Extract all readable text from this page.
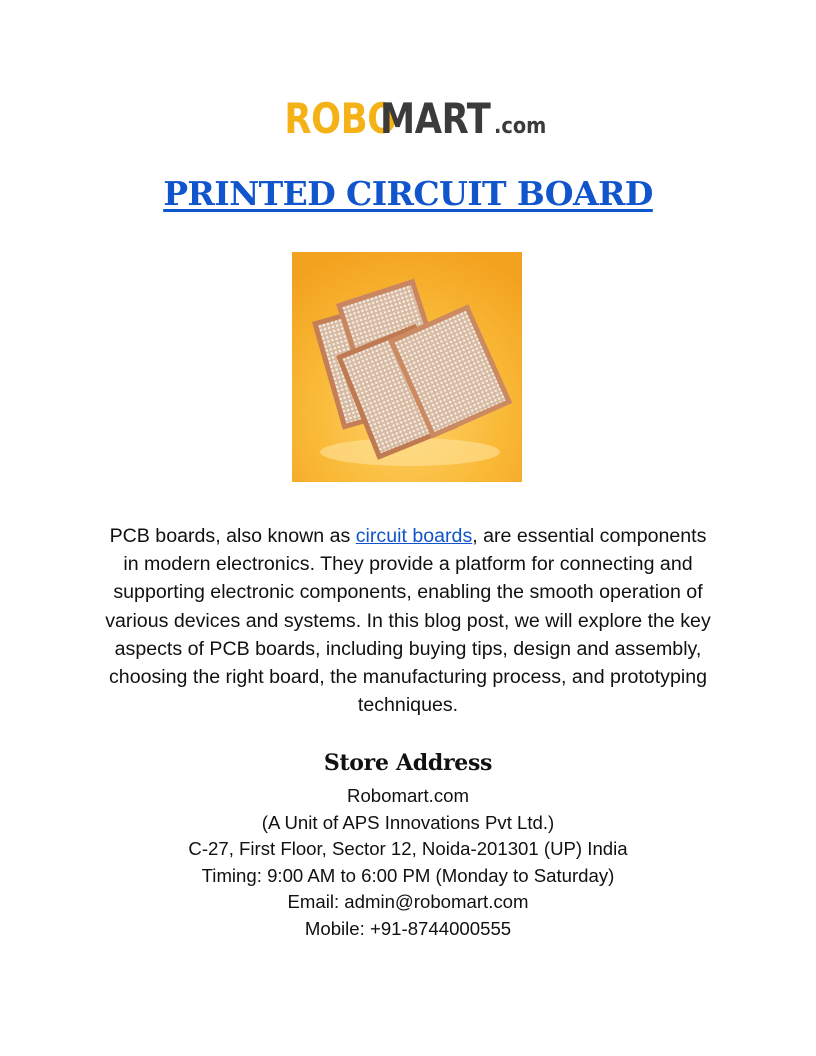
ROBOMART .com
PRINTED CIRCUIT BOARD

PCB boards, also known as circuit boards, are essential components in modern electronics. They provide a platform for connecting and supporting electronic components, enabling the smooth operation of various devices and systems. In this blog post, we will explore the key aspects of PCB boards, including buying tips, design and assembly, choosing the right board, the manufacturing process, and prototyping techniques.

Store Address
Robomart.com
(A Unit of APS Innovations Pvt Ltd.)
C-27, First Floor, Sector 12, Noida-201301 (UP) India
Timing: 9:00 AM to 6:00 PM (Monday to Saturday)
Email: admin@robomart.com
Mobile: +91-8744000555
